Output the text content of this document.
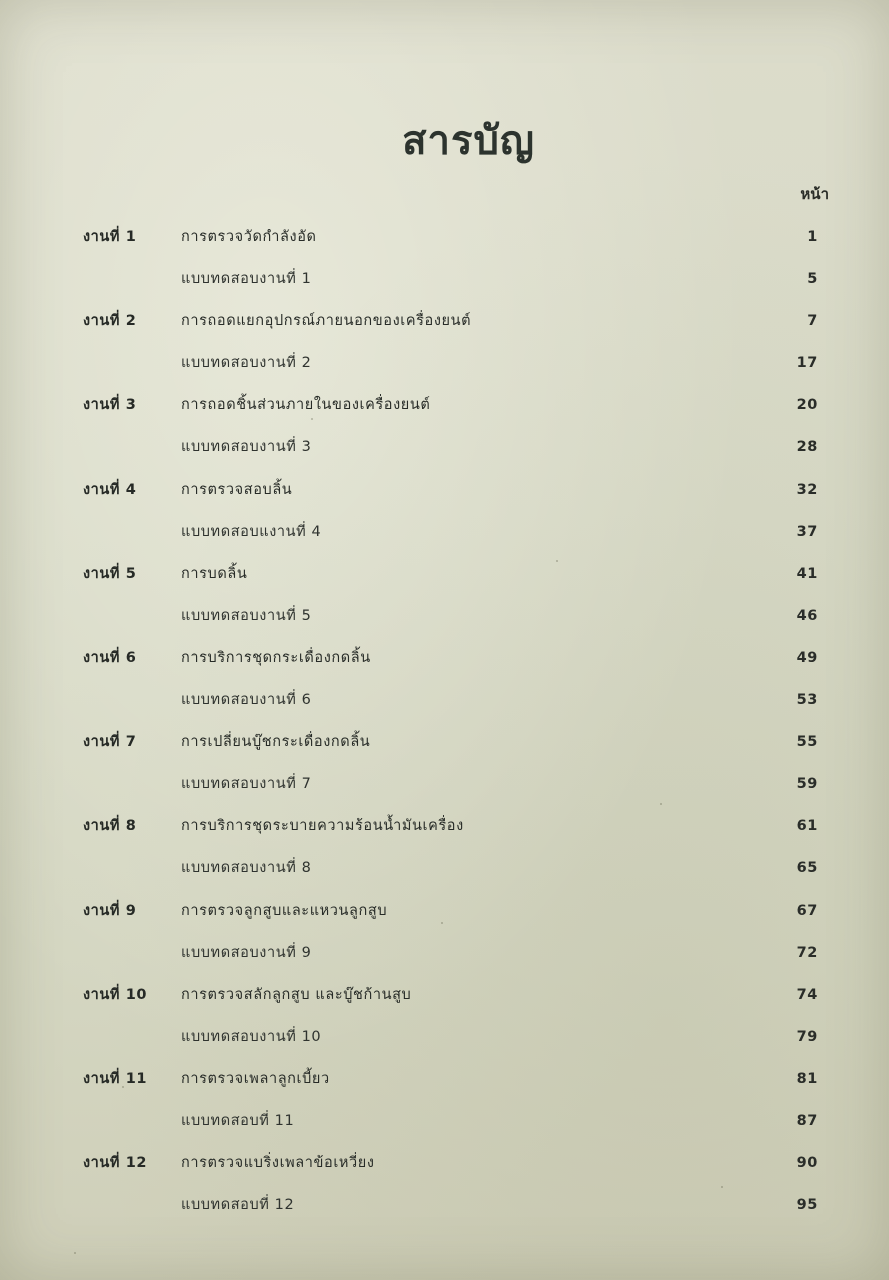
สารบัญ
หน้า
งานที่ 1	การตรวจวัดกำลังอัด	1
แบบทดสอบงานที่ 1	5
งานที่ 2	การถอดแยกอุปกรณ์ภายนอกของเครื่องยนต์	7
แบบทดสอบงานที่ 2	17
งานที่ 3	การถอดชิ้นส่วนภายในของเครื่องยนต์	20
แบบทดสอบงานที่ 3	28
งานที่ 4	การตรวจสอบลิ้น	32
แบบทดสอบแงานที่ 4	37
งานที่ 5	การบดลิ้น	41
แบบทดสอบงานที่ 5	46
งานที่ 6	การบริการชุดกระเดื่องกดลิ้น	49
แบบทดสอบงานที่ 6	53
งานที่ 7	การเปลี่ยนบู๊ชกระเดื่องกดลิ้น	55
แบบทดสอบงานที่ 7	59
งานที่ 8	การบริการชุดระบายความร้อนน้ำมันเครื่อง	61
แบบทดสอบงานที่ 8	65
งานที่ 9	การตรวจลูกสูบและแหวนลูกสูบ	67
แบบทดสอบงานที่ 9	72
งานที่ 10 การตรวจสลักลูกสูบ และบู๊ชก้านสูบ	74
แบบทดสอบงานที่ 10	79
งานที่ 11 การตรวจเพลาลูกเบี้ยว	81
แบบทดสอบที่ 11	87
งานที่ 12 การตรวจแบริ่งเพลาข้อเหวี่ยง	90
แบบทดสอบที่ 12	95
